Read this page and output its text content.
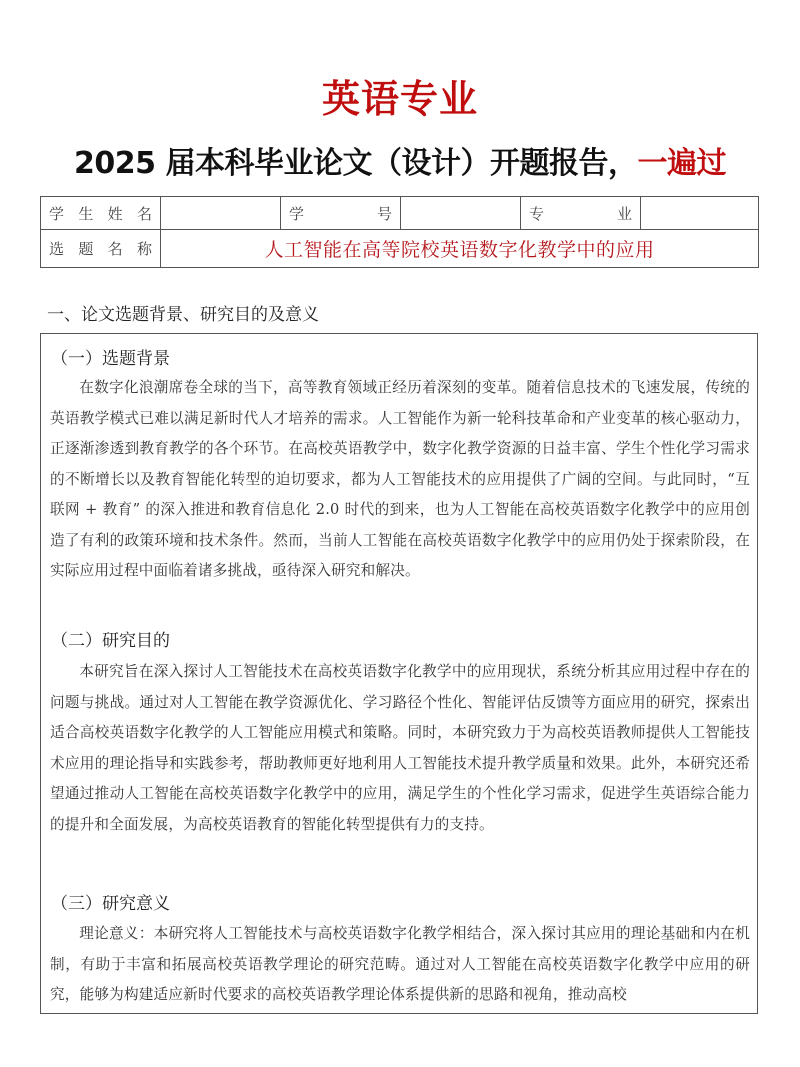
英语专业
2025 届本科毕业论文（设计）开题报告，一遍过
学 生 姓 名		学 号		专 业	

选 题 名 称	人工智能在高等院校英语数字化教学中的应用				
一、论文选题背景、研究目的及意义
（一）选题背景
在数字化浪潮席卷全球的当下，高等教育领域正经历着深刻的变革。随着信息技术的飞速发展，传统的英语教学模式已难以满足新时代人才培养的需求。人工智能作为新一轮科技革命和产业变革的核心驱动力，正逐渐渗透到教育教学的各个环节。在高校英语教学中，数字化教学资源的日益丰富、学生个性化学习需求的不断增长以及教育智能化转型的迫切要求，都为人工智能技术的应用提供了广阔的空间。与此同时，“互联网 + 教育” 的深入推进和教育信息化 2.0 时代的到来，也为人工智能在高校英语数字化教学中的应用创造了有利的政策环境和技术条件。然而，当前人工智能在高校英语数字化教学中的应用仍处于探索阶段，在实际应用过程中面临着诸多挑战，亟待深入研究和解决。
（二）研究目的
本研究旨在深入探讨人工智能技术在高校英语数字化教学中的应用现状，系统分析其应用过程中存在的问题与挑战。通过对人工智能在教学资源优化、学习路径个性化、智能评估反馈等方面应用的研究，探索出适合高校英语数字化教学的人工智能应用模式和策略。同时，本研究致力于为高校英语教师提供人工智能技术应用的理论指导和实践参考，帮助教师更好地利用人工智能技术提升教学质量和效果。此外，本研究还希望通过推动人工智能在高校英语数字化教学中的应用，满足学生的个性化学习需求，促进学生英语综合能力的提升和全面发展，为高校英语教育的智能化转型提供有力的支持。
（三）研究意义
理论意义：本研究将人工智能技术与高校英语数字化教学相结合，深入探讨其应用的理论基础和内在机制，有助于丰富和拓展高校英语教学理论的研究范畴。通过对人工智能在高校英语数字化教学中应用的研究，能够为构建适应新时代要求的高校英语教学理论体系提供新的思路和视角，推动高校
